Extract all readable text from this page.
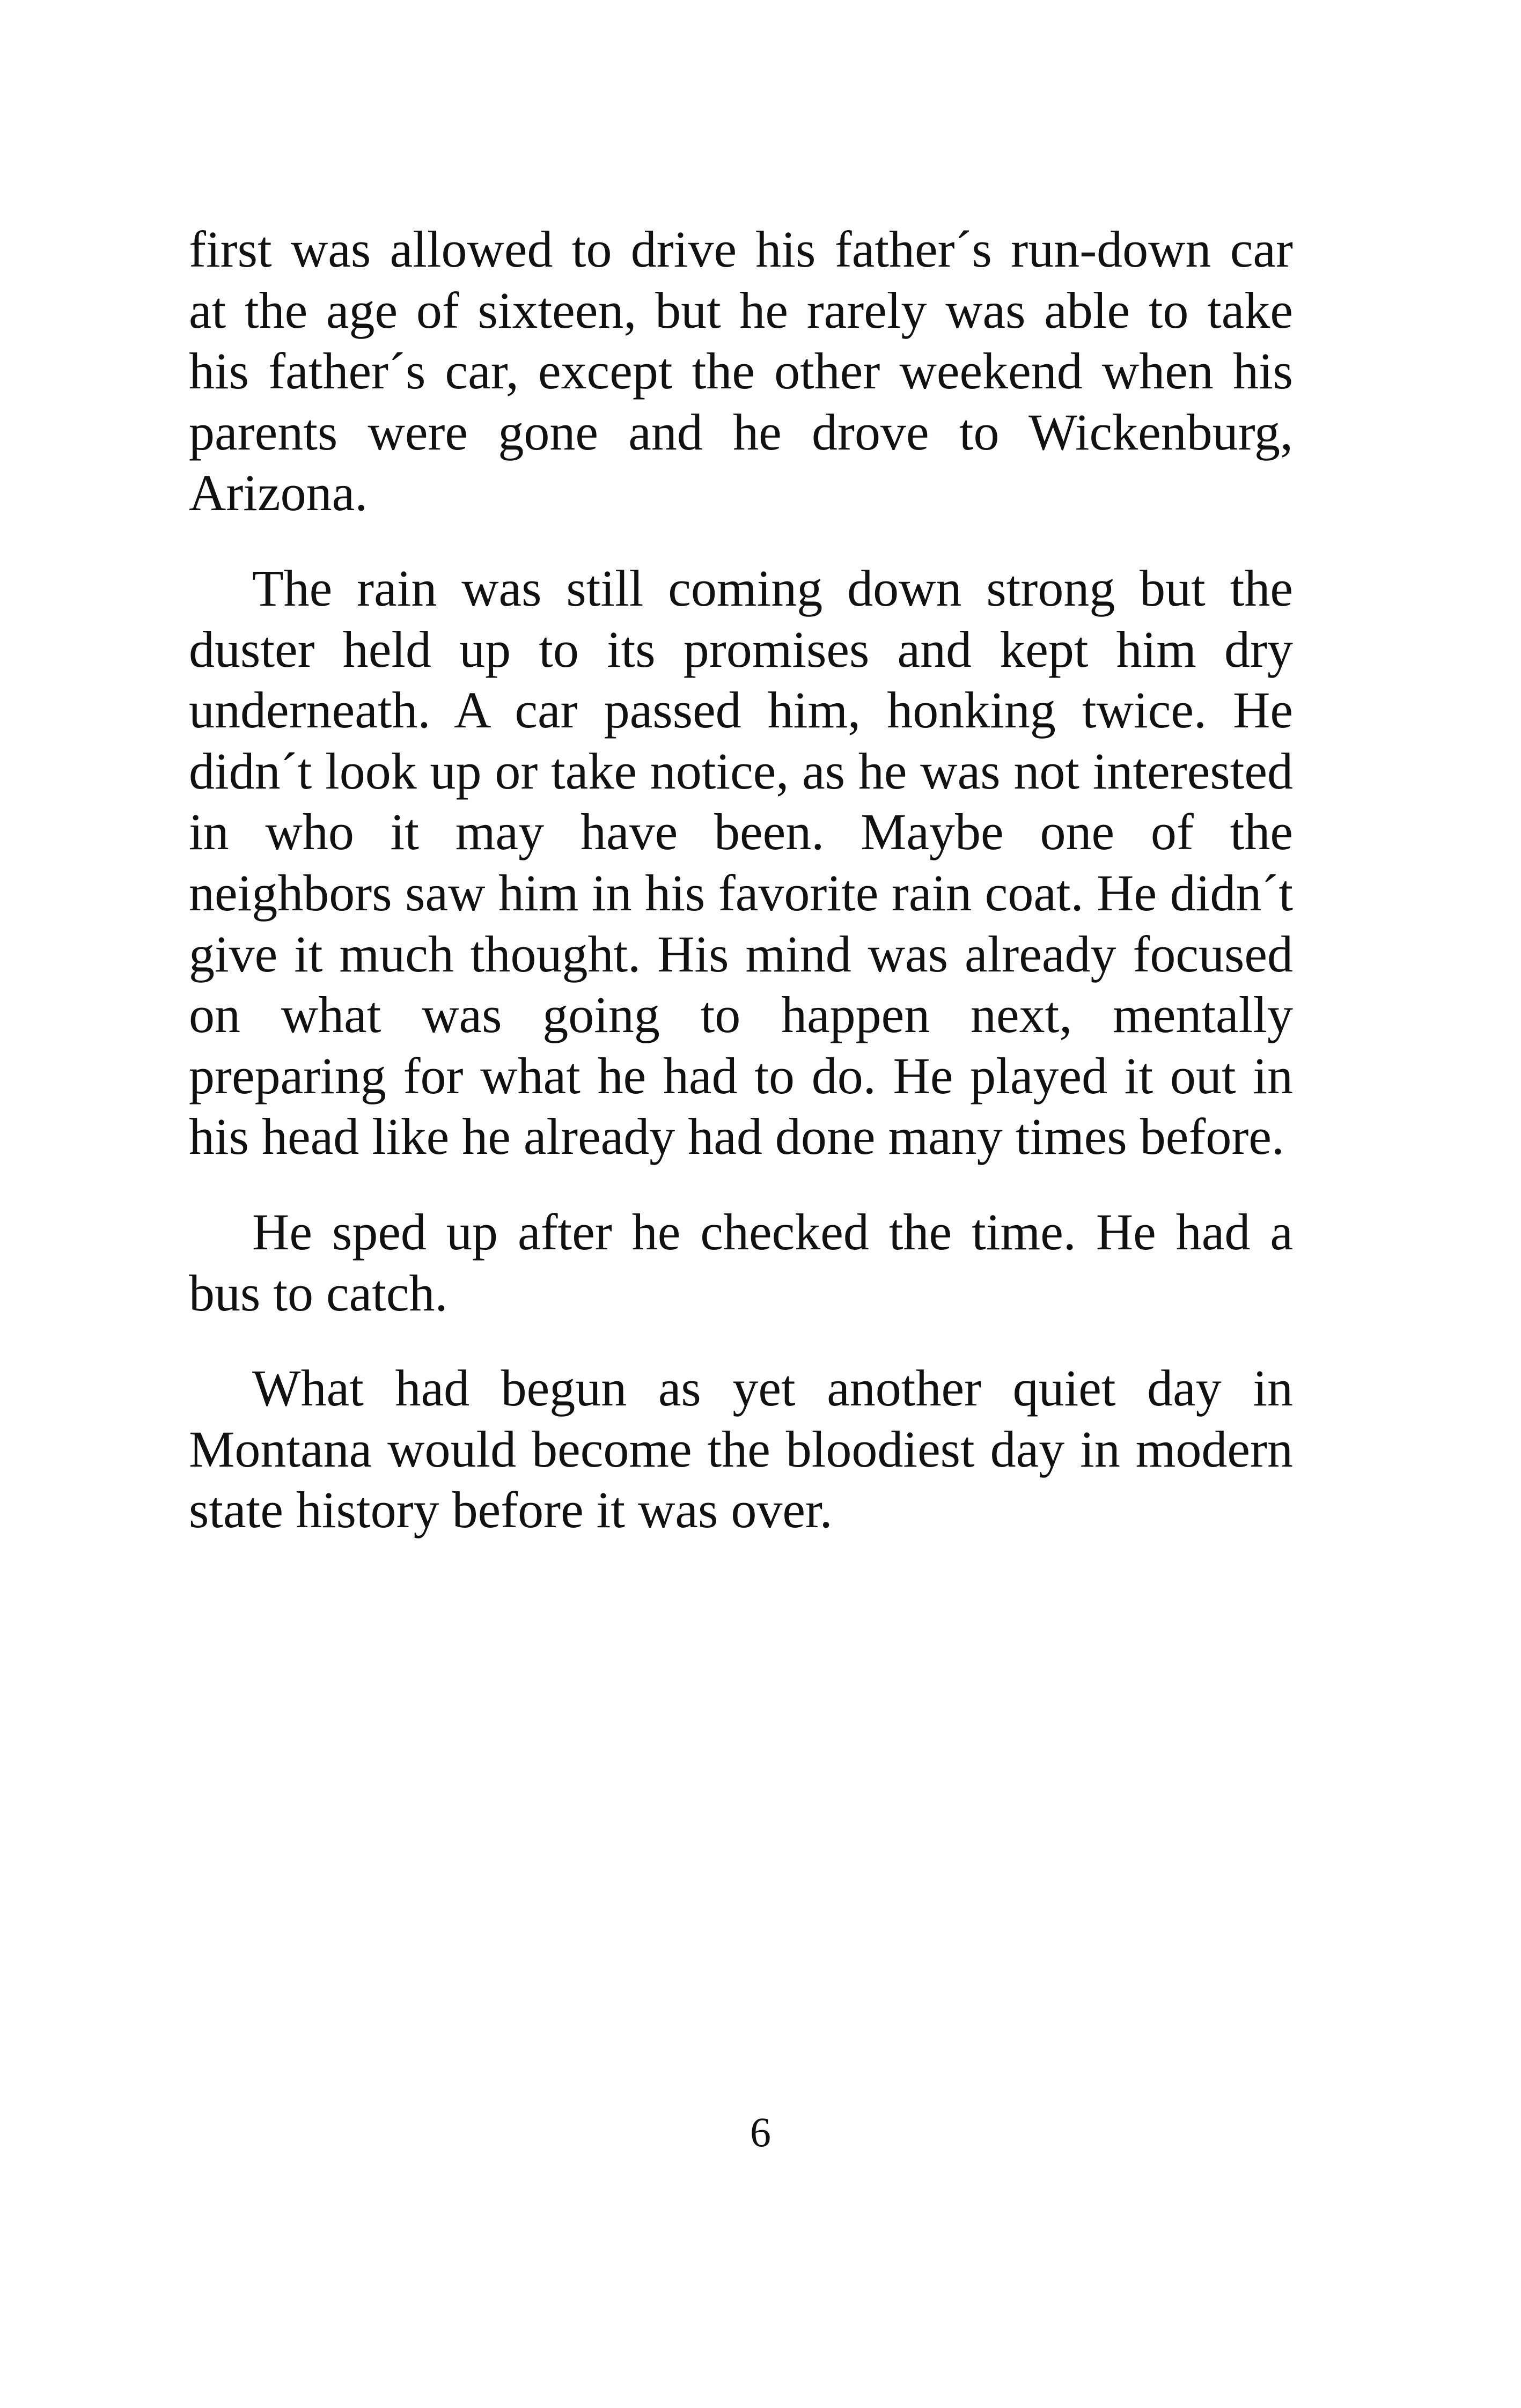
first was allowed to drive his father´s run-down car at the age of sixteen, but he rarely was able to take his father´s car, except the other weekend when his parents were gone and he drove to Wickenburg, Arizona.

The rain was still coming down strong but the duster held up to its promises and kept him dry underneath. A car passed him, honking twice. He didn´t look up or take notice, as he was not interested in who it may have been. Maybe one of the neighbors saw him in his favorite rain coat. He didn´t give it much thought. His mind was already focused on what was going to happen next, mentally preparing for what he had to do. He played it out in his head like he already had done many times before.

He sped up after he checked the time. He had a bus to catch.

What had begun as yet another quiet day in Montana would become the bloodiest day in modern state history before it was over.

6
